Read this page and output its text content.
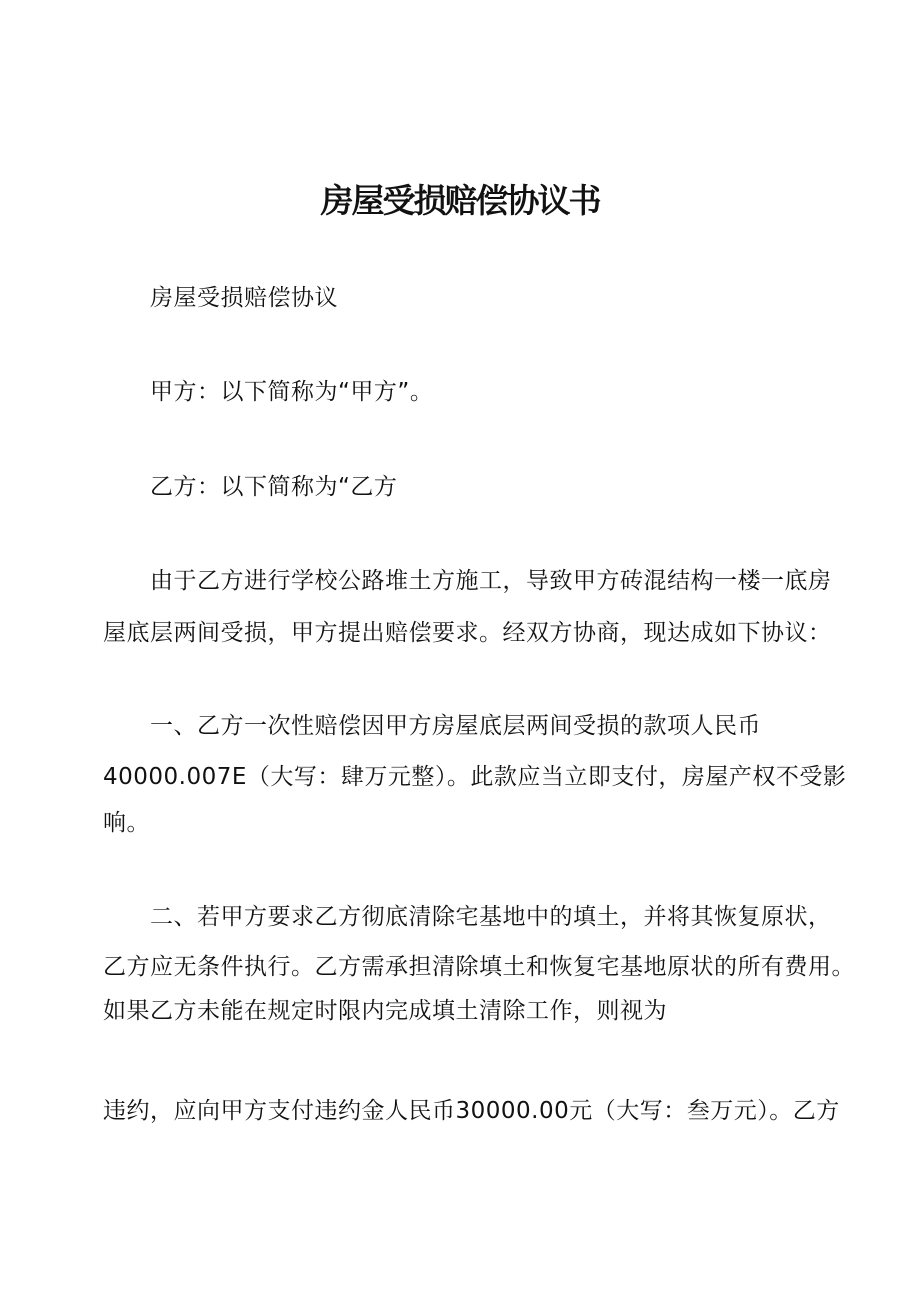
房屋受损赔偿协议书
房屋受损赔偿协议
甲方：以下简称为“甲方”。
乙方：以下简称为“乙方
由于乙方进行学校公路堆土方施工，导致甲方砖混结构一楼一底房
屋底层两间受损，甲方提出赔偿要求。经双方协商，现达成如下协议：
一、乙方一次性赔偿因甲方房屋底层两间受损的款项人民币
40000.007E（大写：肆万元整）。此款应当立即支付，房屋产权不受影
响。
二、若甲方要求乙方彻底清除宅基地中的填土，并将其恢复原状，
乙方应无条件执行。乙方需承担清除填土和恢复宅基地原状的所有费用。
如果乙方未能在规定时限内完成填土清除工作，则视为
违约，应向甲方支付违约金人民币30000.00元（大写：叁万元）。乙方
